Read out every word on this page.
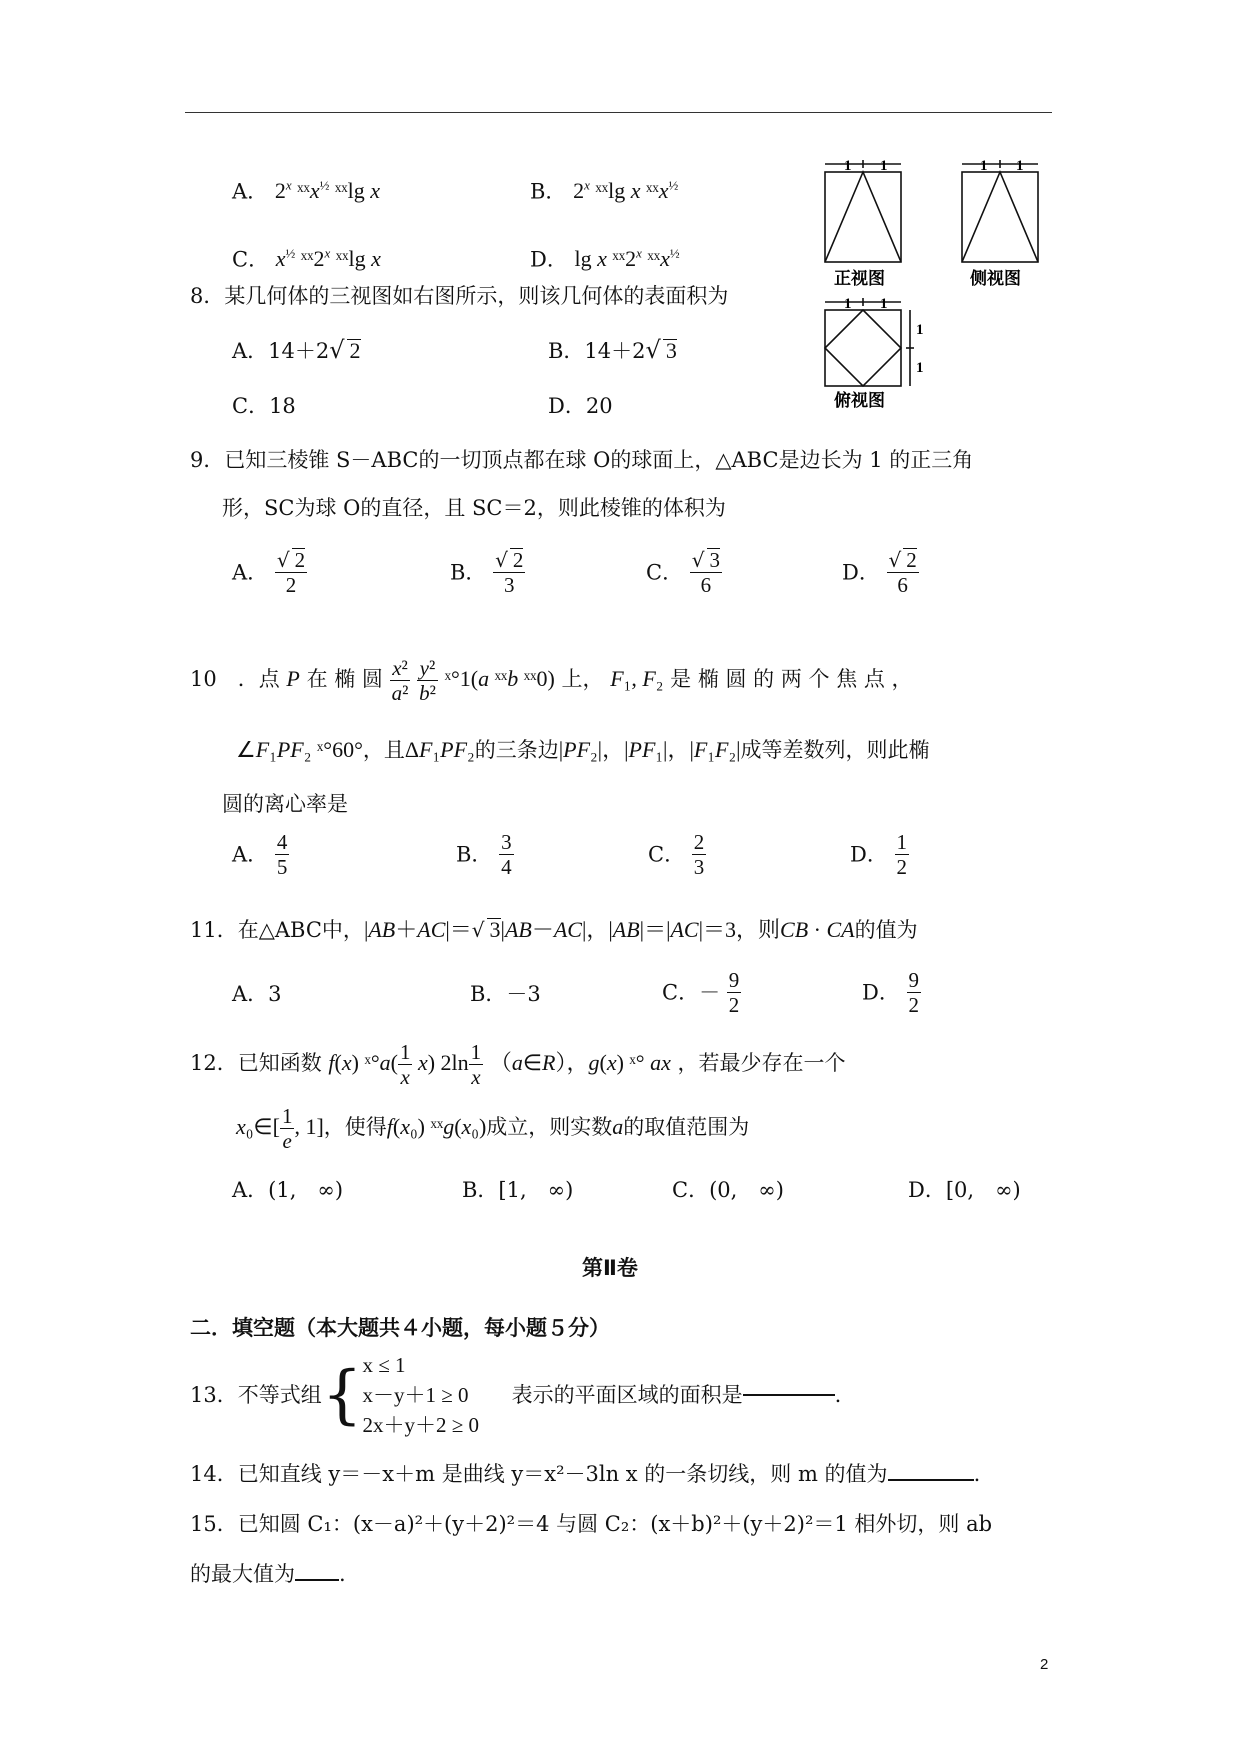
A． 2$^x$ ˣˣx$^{\frac{1}{2}}$ ˣˣlg x	B． 2$^x$ ˣˣlg x ˣˣx$^{\frac{1}{2}}$
C． $x^{\frac{1}{2}}$ ˣˣ2$^x$ ˣˣlg x	D． lg x ˣˣ2$^x$ ˣˣx$^{\frac{1}{2}}$
1 1	1 1
1 1
1
1
正视图	侧视图
俯视图
8．某几何体的三视图如右图所示，则该几何体的表面积为
A．14＋2√ 2	B．14＋2√ 3
C．18	D．20
9．已知三棱锥 S－ABC的一切顶点都在球 O的球面上，△ABC是边长为 1 的正三角
形，SC为球 O的直径，且 SC＝2，则此棱锥的体积为
A． $\frac{√ 2}{2}$	B． $\frac{√ 2}{3}$	C． $\frac{√ 3}{6}$	D． $\frac{√ 2}{6}$
10　．点 P 在 椭 圆 $\frac{\text{x²}}{\text{a²}}$
$\frac{\text{y²}}{\text{b²}}$ ˣ°1(a ˣˣb ˣˣ0) 上， F₁, F₂ 是 椭 圆 的 两 个 焦 点 ，
∠F₁PF₂ ˣ°60°，且ΔF₁PF₂的三条边|PF₂|，|PF₁|，|F₁F₂|成等差数列，则此椭
圆的离心率是
A． $\frac{4}{5}$	B． $\frac{3}{4}$	C． $\frac{2}{3}$	D． $\frac{1}{2}$
11．在△ABC中，|AB＋AC|＝√ 3|AB－AC|，|AB|＝|AC|＝3，则CB · CA的值为
A．3	B．－3	C．－ $\frac{9}{2}$	D． $\frac{9}{2}$
12．已知函数 f(x) ˣ°a( $\frac{1}{x} x$) $2\ln \frac{1}{x}$ （a∈R），g(x) ˣ° ax ，若最少存在一个
x₀∈[ $\frac{1}{e}$ , 1]，使得f(x₀) ˣˣg(x₀)成立，则实数a的取值范围为
A．(1,　∞)	B．[1,　∞)	C．(0,　∞)	D．[0,　∞)
第Ⅱ卷
二．填空题（本大题共４小题，每小题５分）
13．不等式组{ x ≤ 1
x－y＋1 ≥ 0
2x＋y＋2 ≥ 0
表示的平面区域的面积是	.
14．已知直线 y＝－x＋m 是曲线 y＝x²－3ln x 的一条切线，则 m 的值为	.
15．已知圆 C₁：(x－a)²＋(y＋2)²＝4 与圆 C₂：(x＋b)²＋(y＋2)²＝1 相外切，则 ab
的最大值为 .
2
